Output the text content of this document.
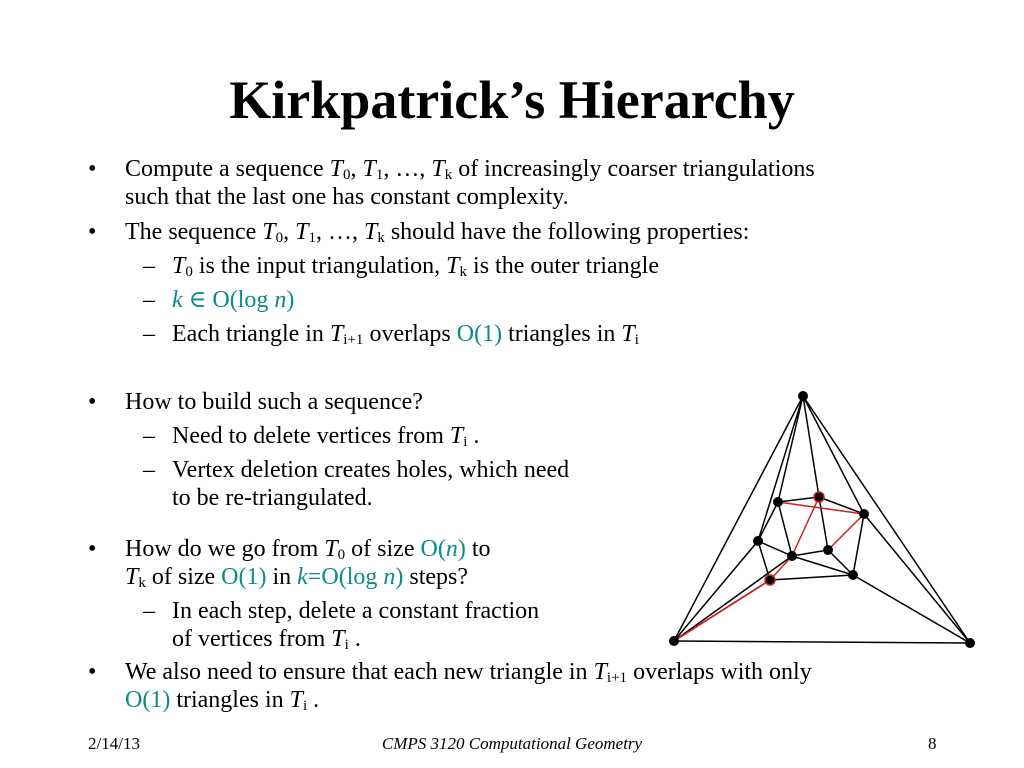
Kirkpatrick’s Hierarchy
• Compute a sequence $T_0$, $T_1$, …, $T_k$ of increasingly coarser triangulations
such that the last one has constant complexity.
• The sequence $T_0$, $T_1$, …, $T_k$ should have the following properties:
– $T_0$ is the input triangulation, $T_k$ is the outer triangle
– k ∈ O(log n)
– Each triangle in $T_{i+1}$ overlaps O(1) triangles in $T_i$
• How to build such a sequence?
– Need to delete vertices from $T_i$ .
– Vertex deletion creates holes, which need
to be re-triangulated.
• How do we go from $T_0$ of size O(n) to
$T_k$ of size O(1) in k=O(log n) steps?
– In each step, delete a constant fraction
of vertices from $T_i$ .
• We also need to ensure that each new triangle in $T_{i+1}$ overlaps with only
O(1) triangles in $T_i$ .
2/14/13	CMPS 3120 Computational Geometry	8
